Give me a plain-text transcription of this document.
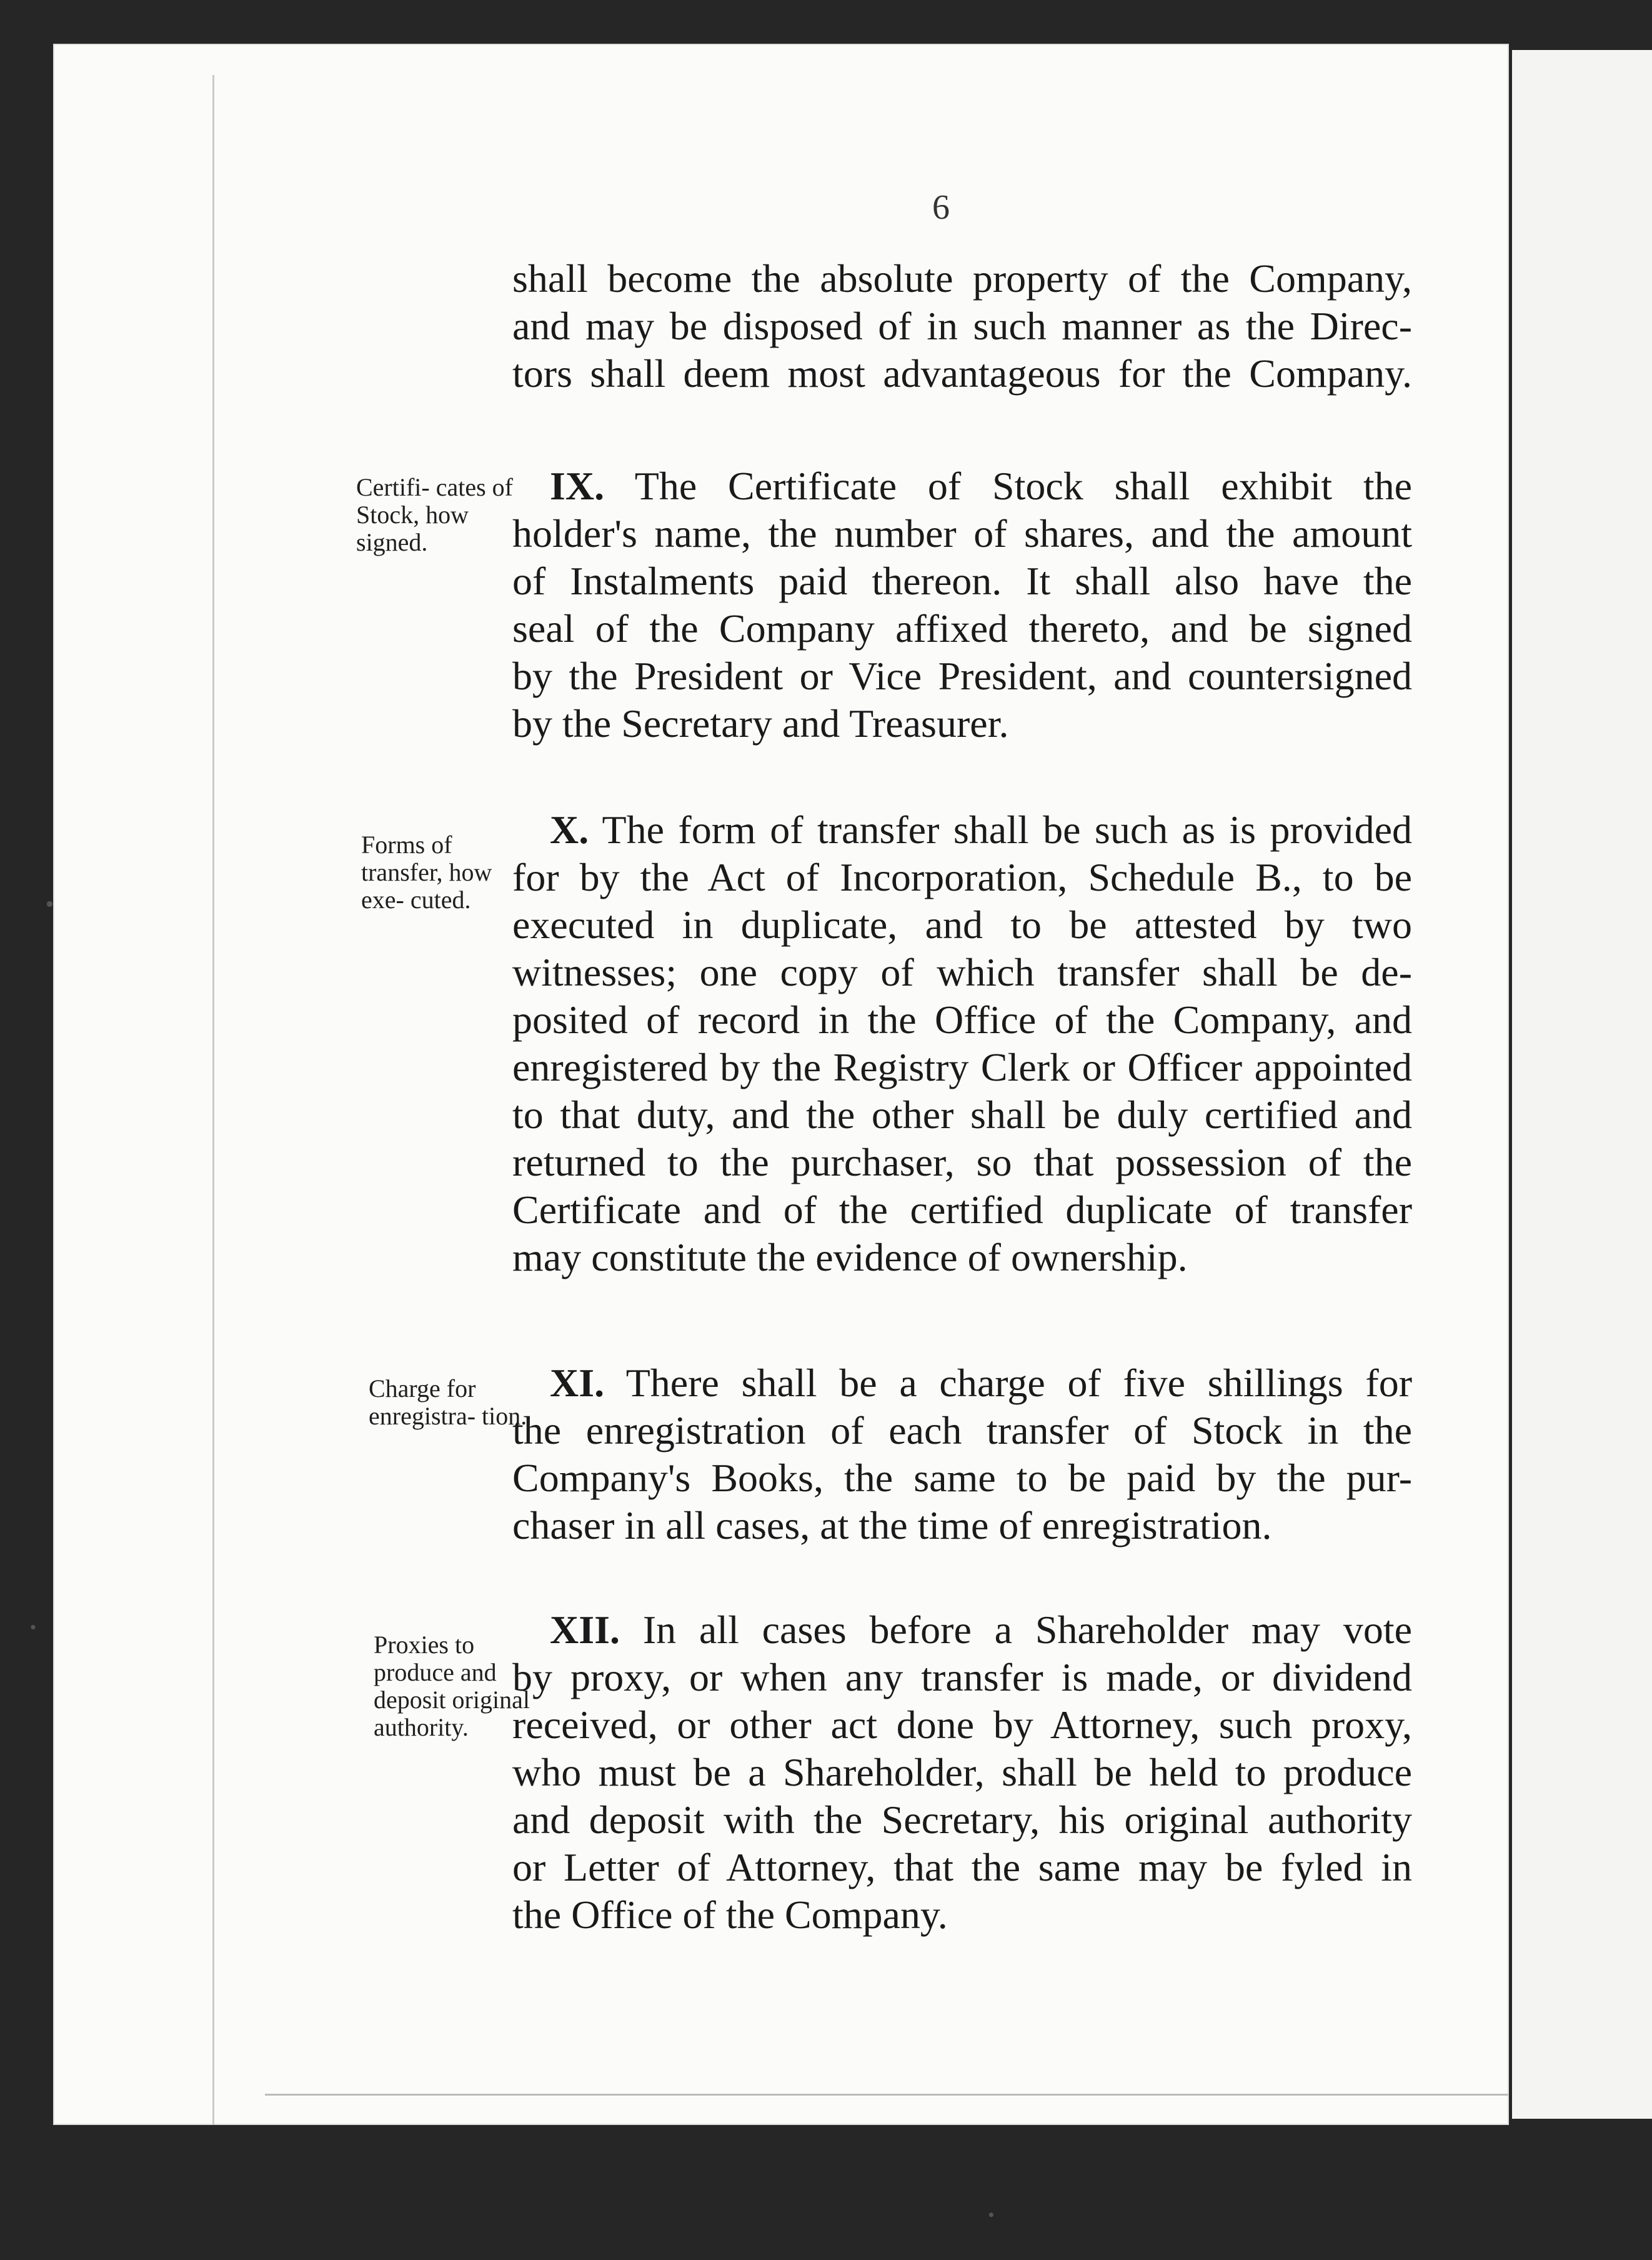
6
shall become the absolute property of the Company,
and may be disposed of in such manner as the Direc-
tors shall deem most advantageous for the Company.
Certifi- cates of Stock, how signed.
IX. The Certificate of Stock shall exhibit the
holder's name, the number of shares, and the amount
of Instalments paid thereon. It shall also have the
seal of the Company affixed thereto, and be signed
by the President or Vice President, and countersigned
by the Secretary and Treasurer.
Forms of transfer, how exe- cuted.
X. The form of transfer shall be such as is provided
for by the Act of Incorporation, Schedule B., to be
executed in duplicate, and to be attested by two
witnesses; one copy of which transfer shall be de-
posited of record in the Office of the Company, and
enregistered by the Registry Clerk or Officer appointed
to that duty, and the other shall be duly certified and
returned to the purchaser, so that possession of the
Certificate and of the certified duplicate of transfer
may constitute the evidence of ownership.
Charge for enregistra- tion.
XI. There shall be a charge of five shillings for
the enregistration of each transfer of Stock in the
Company's Books, the same to be paid by the pur-
chaser in all cases, at the time of enregistration.
Proxies to produce and deposit original authority.
XII. In all cases before a Shareholder may vote
by proxy, or when any transfer is made, or dividend
received, or other act done by Attorney, such proxy,
who must be a Shareholder, shall be held to produce
and deposit with the Secretary, his original authority
or Letter of Attorney, that the same may be fyled in
the Office of the Company.
